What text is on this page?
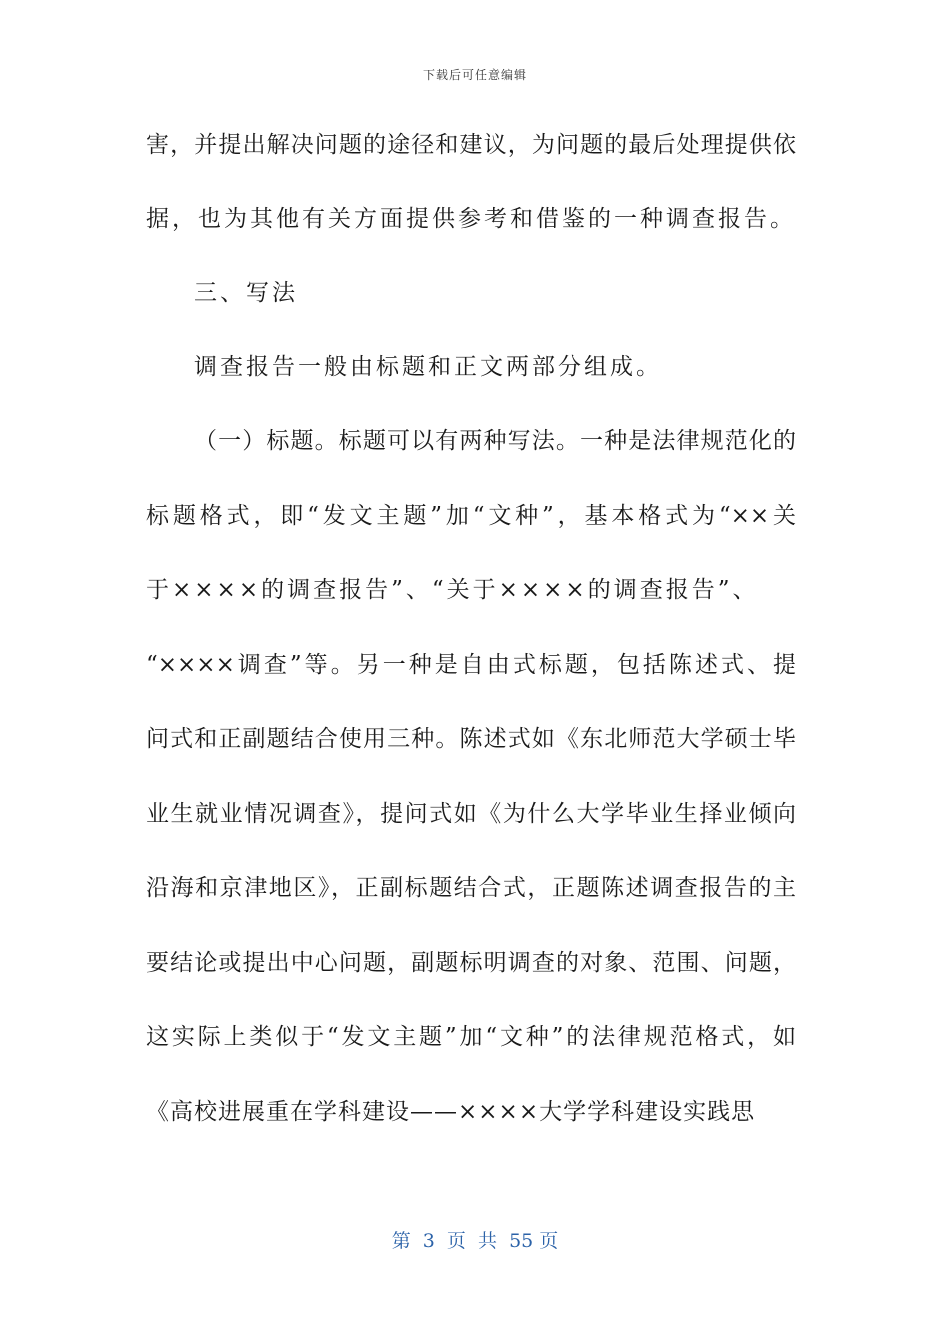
下载后可任意编辑
害，并提出解决问题的途径和建议，为问题的最后处理提供依
据，也为其他有关方面提供参考和借鉴的一种调查报告。
三、写法
调查报告一般由标题和正文两部分组成。
（一）标题。标题可以有两种写法。一种是法律规范化的
标题格式，即“发文主题”加“文种”，基本格式为“××关
于××××的调查报告”、“关于××××的调查报告”、
“××××调查”等。另一种是自由式标题，包括陈述式、提
问式和正副题结合使用三种。陈述式如《东北师范大学硕士毕
业生就业情况调查》，提问式如《为什么大学毕业生择业倾向
沿海和京津地区》，正副标题结合式，正题陈述调查报告的主
要结论或提出中心问题，副题标明调查的对象、范围、问题，
这实际上类似于“发文主题”加“文种”的法律规范格式，如
《高校进展重在学科建设——××××大学学科建设实践思
第  3  页  共  55 页
